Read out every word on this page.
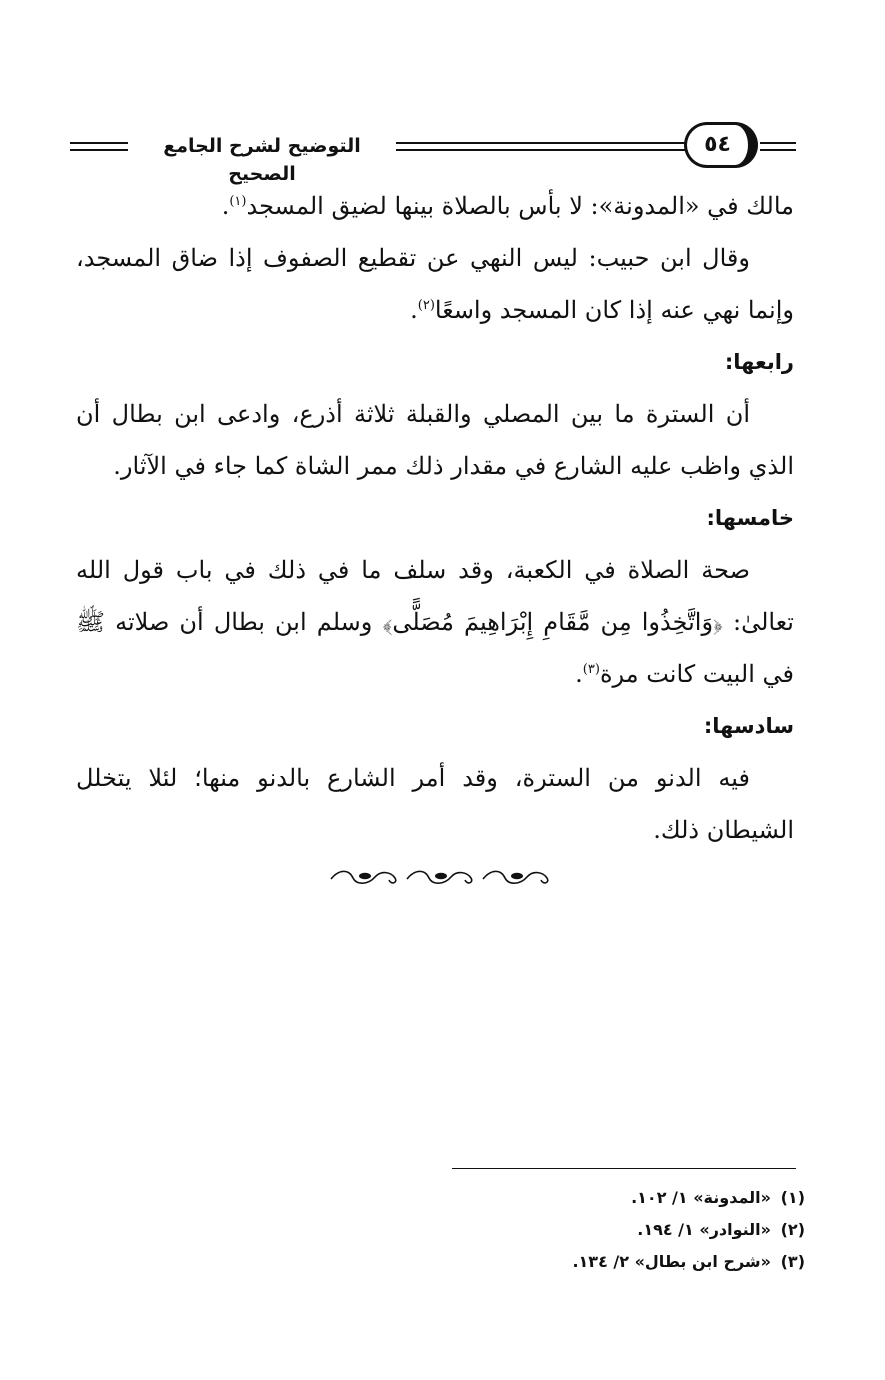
التوضيح لشرح الجامع الصحيح
٥٤

مالك في «المدونة»: لا بأس بالصلاة بينها لضيق المسجد$^{(١)}$.

وقال ابن حبيب: ليس النهي عن تقطيع الصفوف إذا ضاق المسجد، وإنما نهي عنه إذا كان المسجد واسعًا$^{(٢)}$.

رابعها:

أن السترة ما بين المصلي والقبلة ثلاثة أذرع، وادعى ابن بطال أن الذي واظب عليه الشارع في مقدار ذلك ممر الشاة كما جاء في الآثار.

خامسها:

صحة الصلاة في الكعبة، وقد سلف ما في ذلك في باب قول الله تعالىٰ: ﴿وَاتَّخِذُوا مِن مَّقَامِ إِبْرَاهِيمَ مُصَلًّى﴾ وسلم ابن بطال أن صلاته ﷺ في البيت كانت مرة$^{(٣)}$.

سادسها:

فيه الدنو من السترة، وقد أمر الشارع بالدنو منها؛ لئلا يتخلل الشيطان ذلك.

(١)«المدونة» ١/ ١٠٢.

(٢)«النوادر» ١/ ١٩٤.

(٣)«شرح ابن بطال» ٢/ ١٣٤.
